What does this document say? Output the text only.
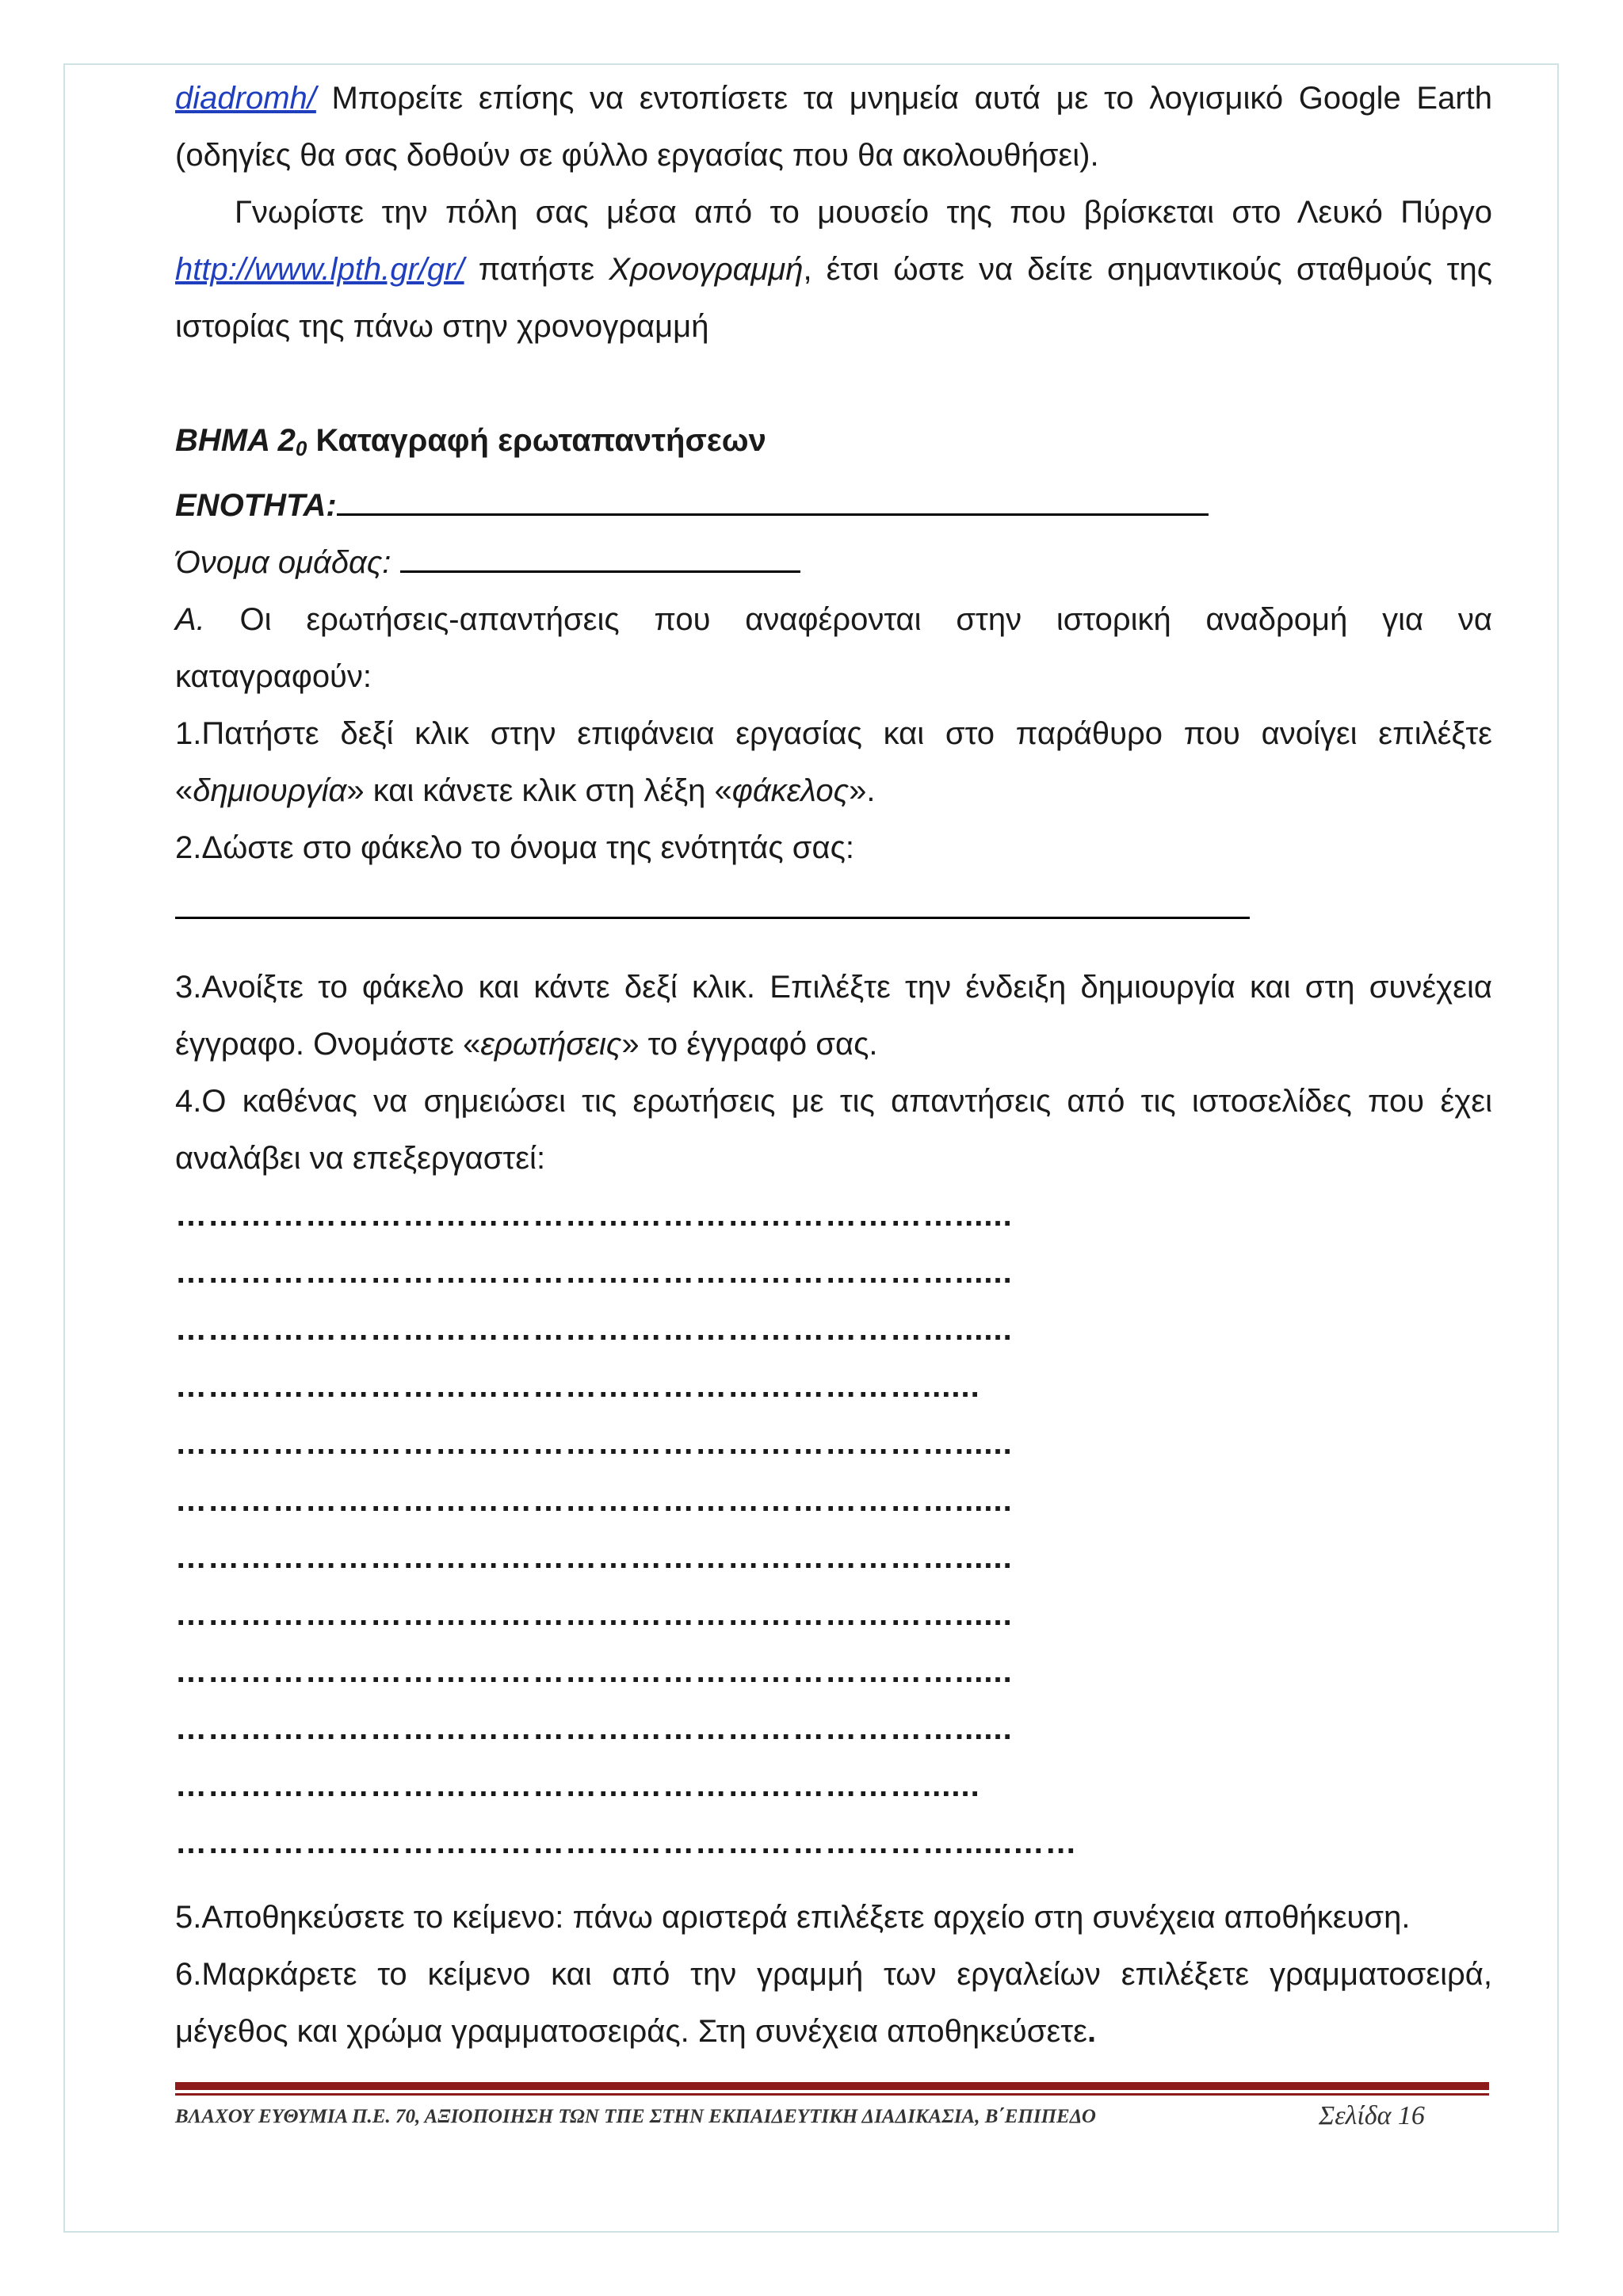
diadromh/ Μπορείτε επίσης να εντοπίσετε τα μνημεία αυτά με το λογισμικό Google Earth
(οδηγίες θα σας δοθούν σε φύλλο εργασίας που θα ακολουθήσει).
Γνωρίστε την πόλη σας μέσα από το μουσείο της που βρίσκεται στο Λευκό Πύργο
http://www.lpth.gr/gr/ πατήστε Χρονογραμμή, έτσι ώστε να δείτε σημαντικούς σταθμούς της
ιστορίας της πάνω στην χρονογραμμή
ΒΗΜΑ $2_0$ Καταγραφή ερωταπαντήσεων
ΕΝΟΤΗΤΑ:
Όνομα ομάδας:
Α. Οι ερωτήσεις-απαντήσεις που αναφέρονται στην ιστορική αναδρομή για να
καταγραφούν:
1.Πατήστε δεξί κλικ στην επιφάνεια εργασίας και στο παράθυρο που ανοίγει επιλέξτε
«δημιουργία» και κάνετε κλικ στη λέξη «φάκελος».
2.Δώστε στο φάκελο το όνομα της ενότητάς σας:
3.Ανοίξτε το φάκελο και κάντε δεξί κλικ. Επιλέξτε την ένδειξη δημιουργία και στη συνέχεια
έγγραφο. Ονομάστε «ερωτήσεις» το έγγραφό σας.
4.Ο καθένας να σημειώσει τις ερωτήσεις με τις απαντήσεις από τις ιστοσελίδες που έχει
αναλάβει να επεξεργαστεί:
………………………………………………………………......
………………………………………………………………......
………………………………………………………………......
……………………………………………………………......
………………………………………………………………......
………………………………………………………………......
………………………………………………………………......
………………………………………………………………......
………………………………………………………………......
………………………………………………………………......
……………………………………………………………......
………………………………………………………………......……
5.Αποθηκεύσετε το κείμενο: πάνω αριστερά επιλέξετε αρχείο στη συνέχεια αποθήκευση.
6.Μαρκάρετε το κείμενο και από την γραμμή των εργαλείων επιλέξετε γραμματοσειρά,
μέγεθος και χρώμα γραμματοσειράς. Στη συνέχεια αποθηκεύσετε.
ΒΛΑΧΟΥ ΕΥΘΥΜΙΑ Π.Ε. 70, ΑΞΙΟΠΟΙΗΣΗ ΤΩΝ ΤΠΕ ΣΤΗΝ ΕΚΠΑΙΔΕΥΤΙΚΗ ΔΙΑΔΙΚΑΣΙΑ, Β΄ΕΠΙΠΕΔΟ	Σελίδα 16
